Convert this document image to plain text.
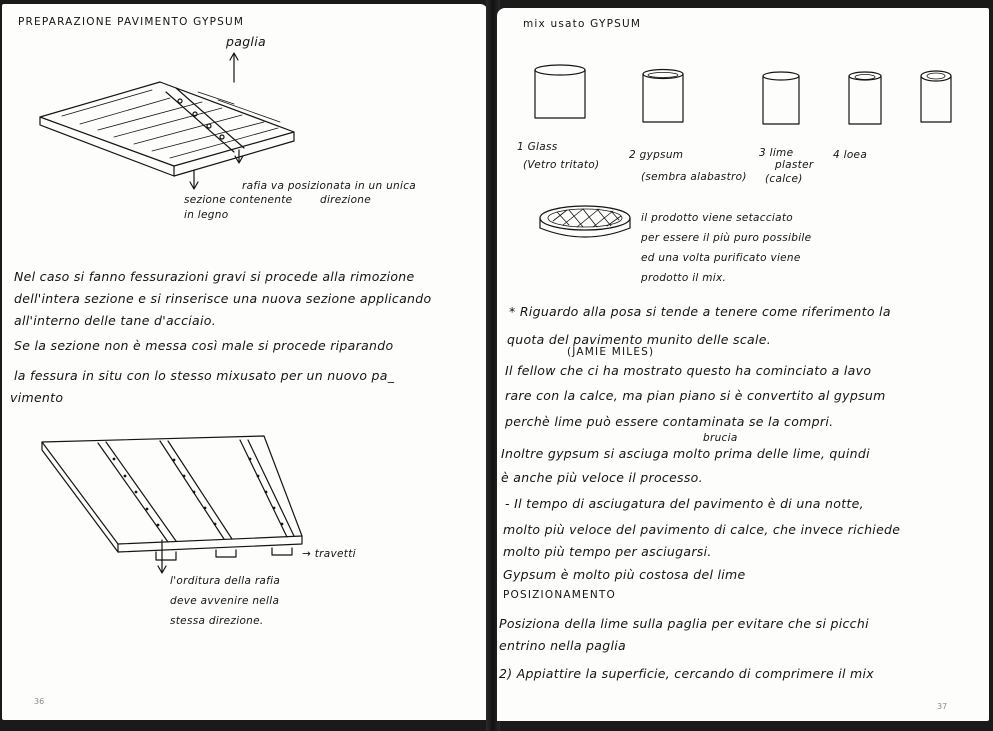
PREPARAZIONE PAVIMENTO GYPSUM
paglia
rafia va posizionata in un unica
direzione
sezione contenente
in legno
Nel caso si fanno fessurazioni gravi si procede alla rimozione
dell'intera sezione e si rinserisce una nuova sezione applicando
all'interno delle tane d'acciaio.
Se la sezione non è messa così male si procede riparando
la fessura in situ con lo stesso mixusato per un nuovo pa_
vimento
→ travetti
l'orditura della rafia
deve avvenire nella
stessa direzione.
36
mix usato GYPSUM
1 Glass
(Vetro tritato)
2 gypsum
(sembra alabastro)
3 lime
plaster
(calce)
4 loea
il prodotto viene setacciato
per essere il più puro possibile
ed una volta purificato viene
prodotto il mix.
* Riguardo alla posa si tende a tenere come riferimento la
quota del pavimento munito delle scale.
(JAMIE MILES)
Il fellow che ci ha mostrato questo ha cominciato a lavo
rare con la calce, ma pian piano si è convertito al gypsum
perchè lime può essere contaminata se la compri.
brucia
Inoltre gypsum si asciuga molto prima delle lime, quindi
è anche più veloce il processo.
- Il tempo di asciugatura del pavimento è di una notte,
molto più veloce del pavimento di calce, che invece richiede
molto più tempo per asciugarsi.
Gypsum è molto più costosa del lime
POSIZIONAMENTO
Posiziona della lime sulla paglia per evitare che si picchi
entrino nella paglia
2) Appiattire la superficie, cercando di comprimere il mix
37
